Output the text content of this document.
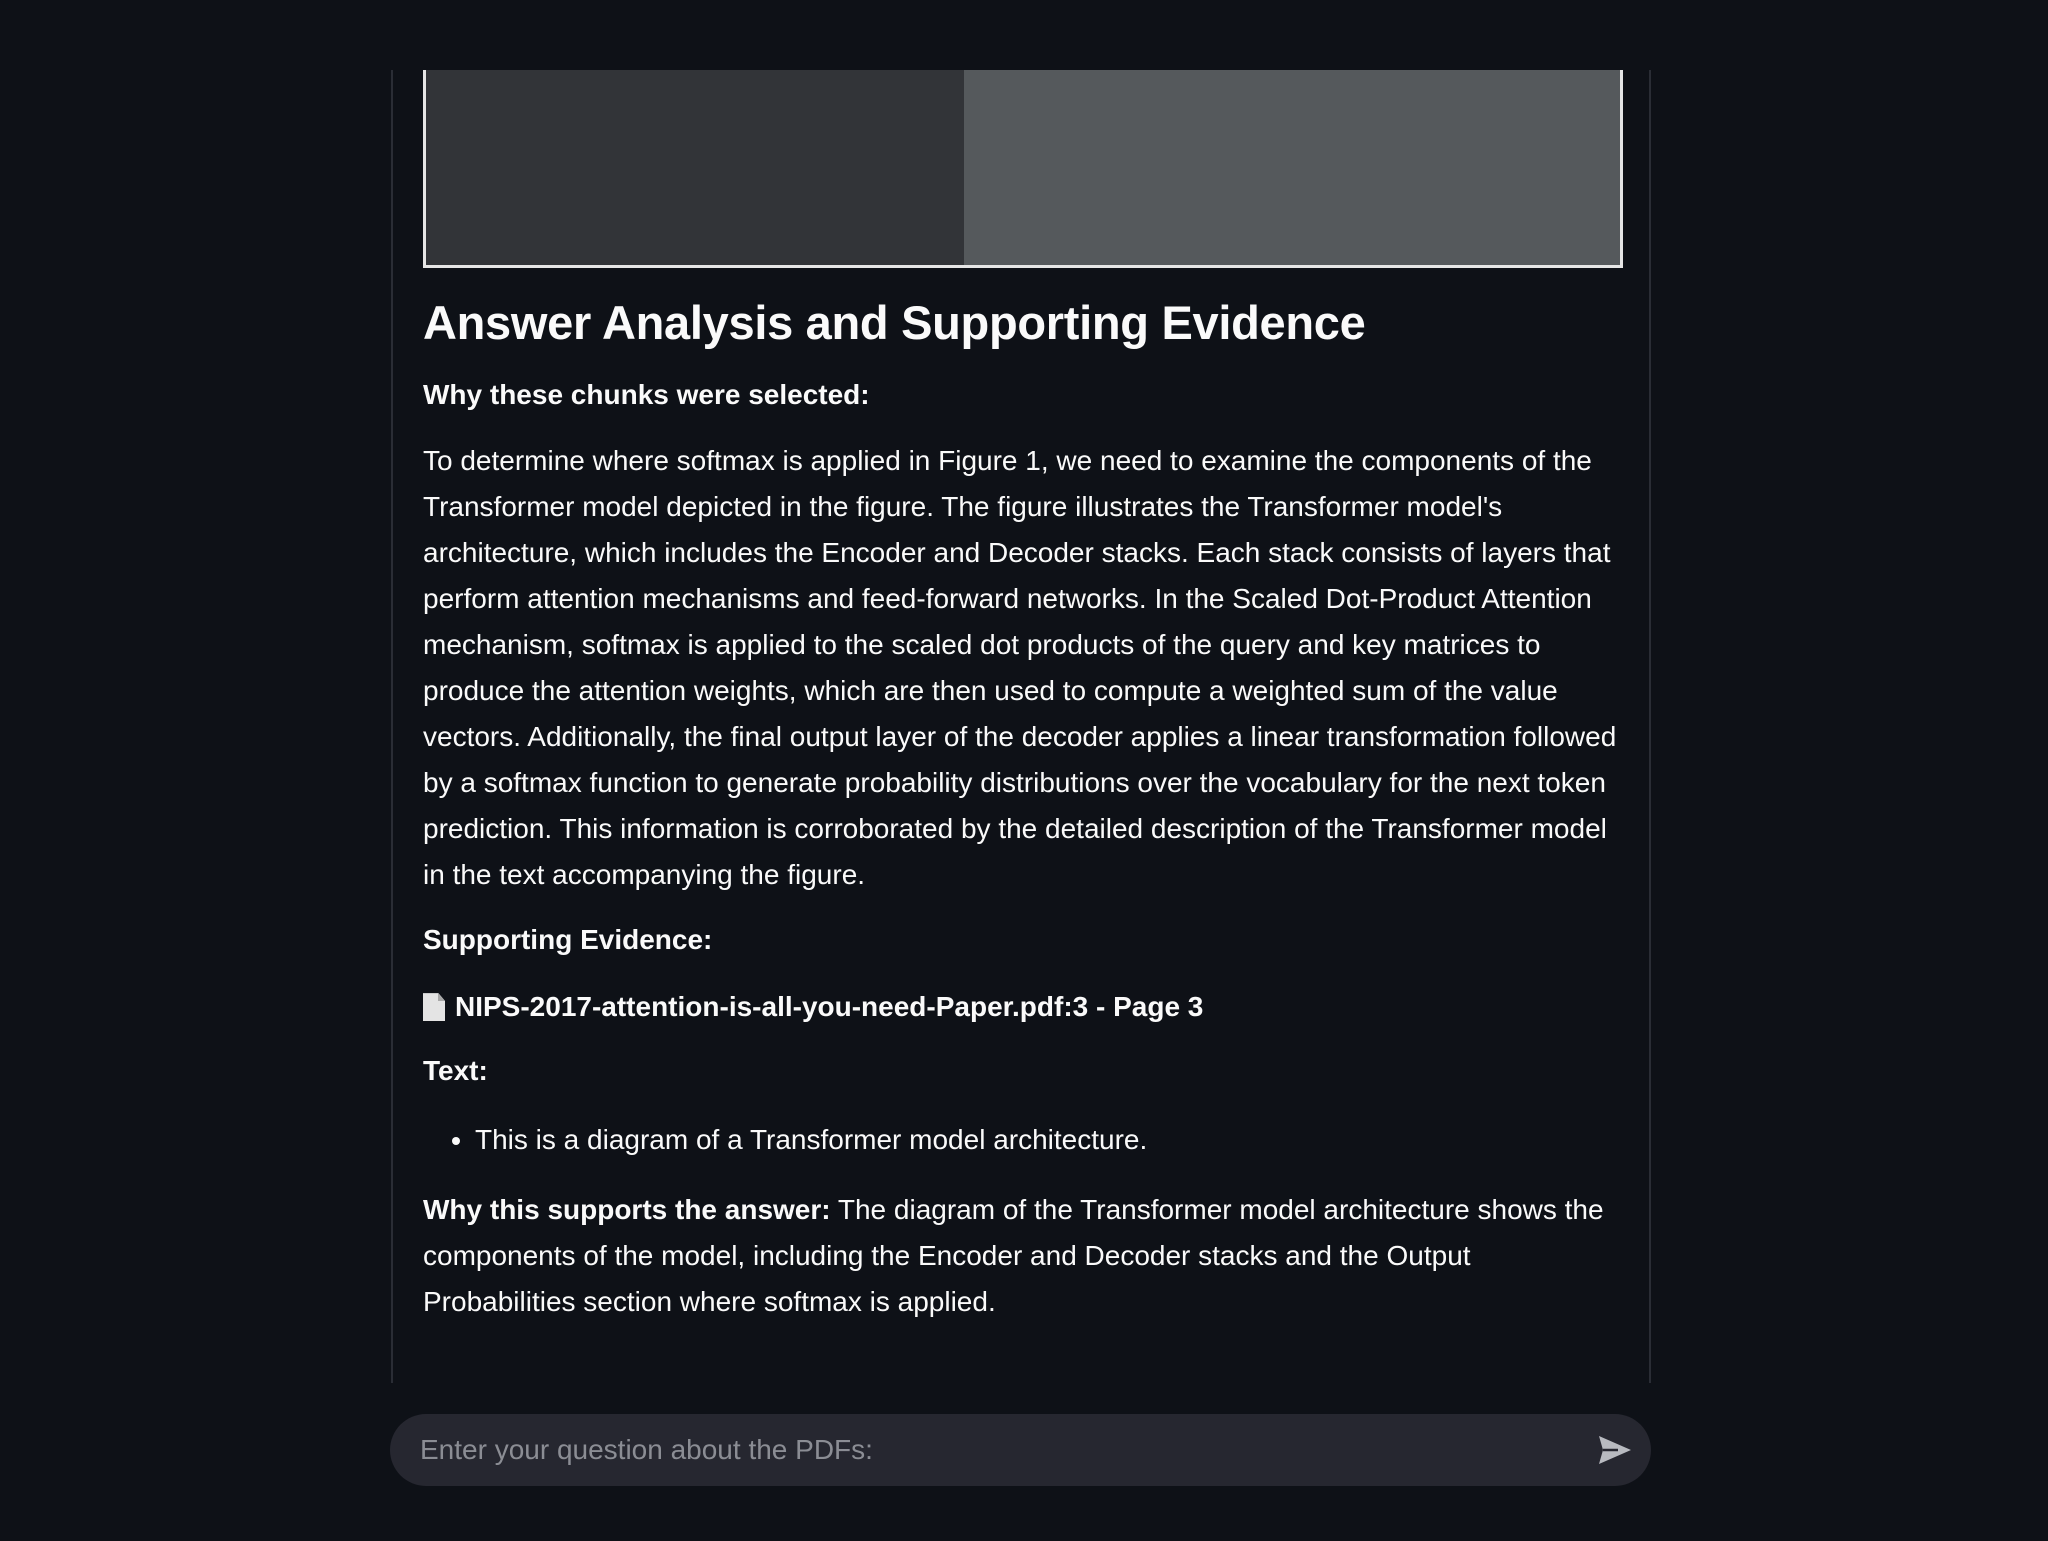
Answer Analysis and Supporting Evidence

Why these chunks were selected:

To determine where softmax is applied in Figure 1, we need to examine the components of the Transformer model depicted in the figure. The figure illustrates the Transformer model's architecture, which includes the Encoder and Decoder stacks. Each stack consists of layers that perform attention mechanisms and feed-forward networks. In the Scaled Dot-Product Attention mechanism, softmax is applied to the scaled dot products of the query and key matrices to produce the attention weights, which are then used to compute a weighted sum of the value vectors. Additionally, the final output layer of the decoder applies a linear transformation followed by a softmax function to generate probability distributions over the vocabulary for the next token prediction. This information is corroborated by the detailed description of the Transformer model in the text accompanying the figure.

Supporting Evidence:

NIPS-2017-attention-is-all-you-need-Paper.pdf:3 - Page 3

Text:

• This is a diagram of a Transformer model architecture.

Why this supports the answer: The diagram of the Transformer model architecture shows the components of the model, including the Encoder and Decoder stacks and the Output Probabilities section where softmax is applied.

Enter your question about the PDFs:
